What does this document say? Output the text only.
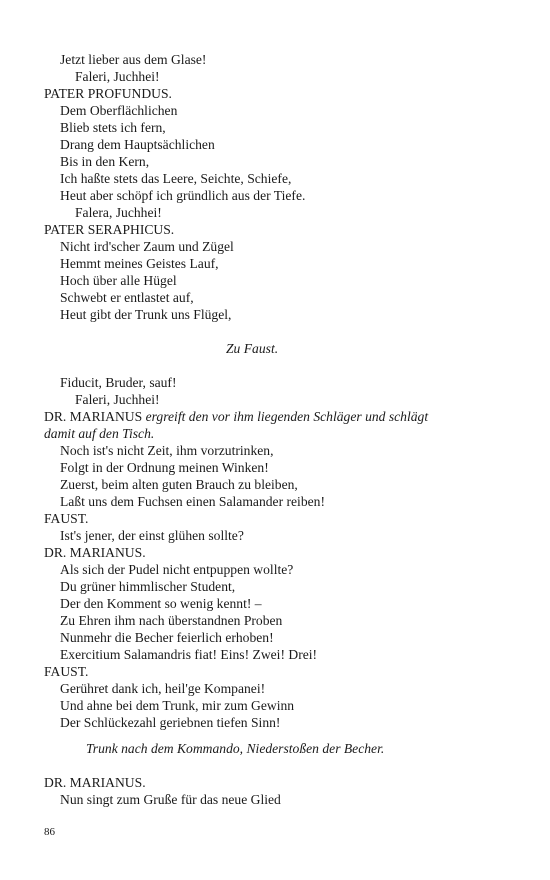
Jetzt lieber aus dem Glase!
Faleri, Juchhei!
PATER PROFUNDUS.
Dem Oberflächlichen
Blieb stets ich fern,
Drang dem Hauptsächlichen
Bis in den Kern,
Ich haßte stets das Leere, Seichte, Schiefe,
Heut aber schöpf ich gründlich aus der Tiefe.
Falera, Juchhei!
PATER SERAPHICUS.
Nicht ird'scher Zaum und Zügel
Hemmt meines Geistes Lauf,
Hoch über alle Hügel
Schwebt er entlastet auf,
Heut gibt der Trunk uns Flügel,
Zu Faust.
Fiducit, Bruder, sauf!
Faleri, Juchhei!
DR. MARIANUS ergreift den vor ihm liegenden Schläger und schlägt
damit auf den Tisch.
Noch ist's nicht Zeit, ihm vorzutrinken,
Folgt in der Ordnung meinen Winken!
Zuerst, beim alten guten Brauch zu bleiben,
Laßt uns dem Fuchsen einen Salamander reiben!
FAUST.
Ist's jener, der einst glühen sollte?
DR. MARIANUS.
Als sich der Pudel nicht entpuppen wollte?
Du grüner himmlischer Student,
Der den Komment so wenig kennt! –
Zu Ehren ihm nach überstandnen Proben
Nunmehr die Becher feierlich erhoben!
Exercitium Salamandris fiat! Eins! Zwei! Drei!
FAUST.
Gerühret dank ich, heil'ge Kompanei!
Und ahne bei dem Trunk, mir zum Gewinn
Der Schlückezahl geriebnen tiefen Sinn!
Trunk nach dem Kommando, Niederstoßen der Becher.
DR. MARIANUS.
Nun singt zum Gruße für das neue Glied
86
